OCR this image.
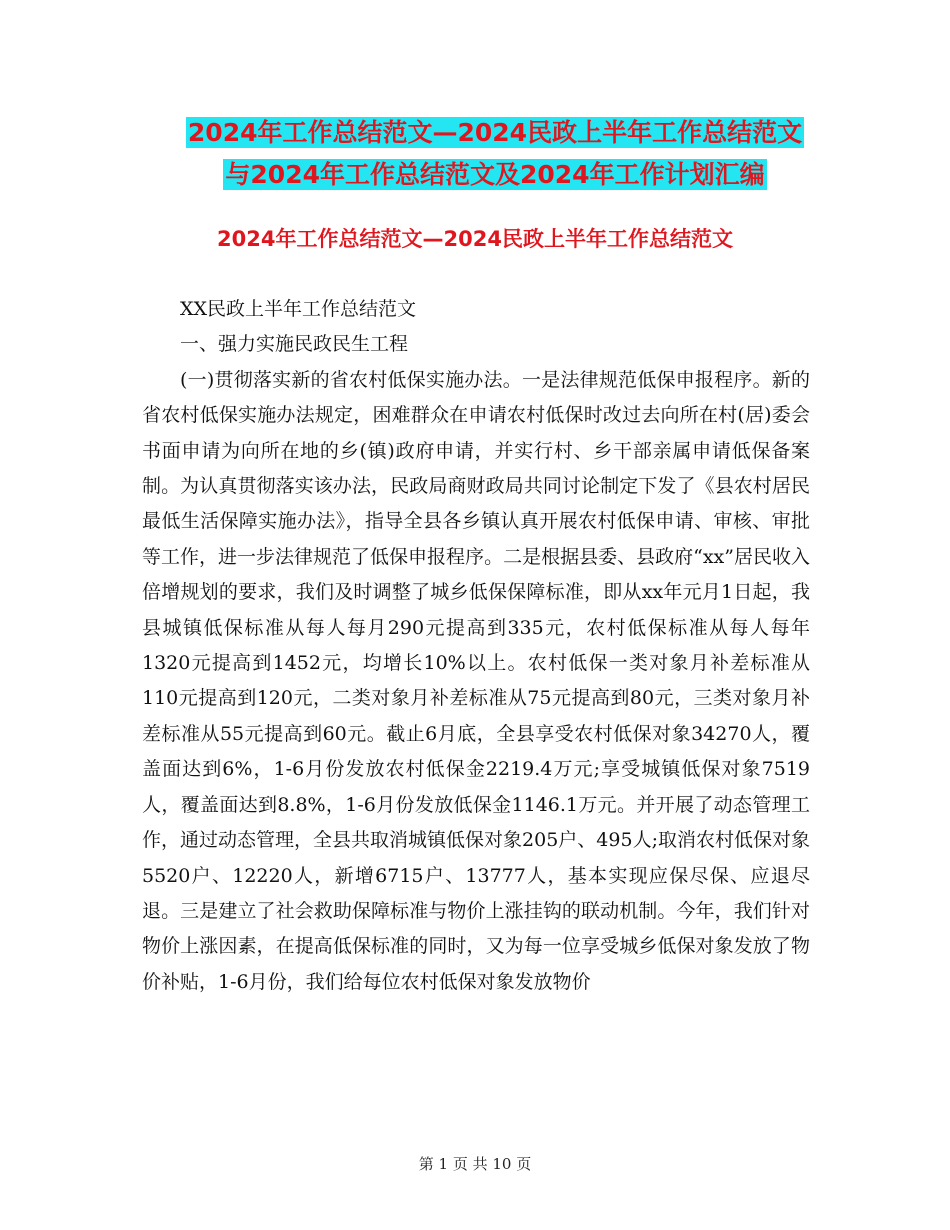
2024年工作总结范文—2024民政上半年工作总结范文
与2024年工作总结范文及2024年工作计划汇编
2024年工作总结范文—2024民政上半年工作总结范文

XX民政上半年工作总结范文

一、强力实施民政民生工程

(一)贯彻落实新的省农村低保实施办法。一是法律规范低保申报程序。新的省农村低保实施办法规定，困难群众在申请农村低保时改过去向所在村(居)委会书面申请为向所在地的乡(镇)政府申请，并实行村、乡干部亲属申请低保备案制。为认真贯彻落实该办法，民政局商财政局共同讨论制定下发了《县农村居民最低生活保障实施办法》，指导全县各乡镇认真开展农村低保申请、审核、审批等工作，进一步法律规范了低保申报程序。二是根据县委、县政府“xx”居民收入倍增规划的要求，我们及时调整了城乡低保保障标准，即从xx年元月1日起，我县城镇低保标准从每人每月290元提高到335元，农村低保标准从每人每年1320元提高到1452元，均增长10%以上。农村低保一类对象月补差标准从110元提高到120元，二类对象月补差标准从75元提高到80元，三类对象月补差标准从55元提高到60元。截止6月底，全县享受农村低保对象34270人，覆盖面达到6%，1-6月份发放农村低保金2219.4万元;享受城镇低保对象7519人，覆盖面达到8.8%，1-6月份发放低保金1146.1万元。并开展了动态管理工作，通过动态管理，全县共取消城镇低保对象205户、495人;取消农村低保对象5520户、12220人，新增6715户、13777人，基本实现应保尽保、应退尽退。三是建立了社会救助保障标准与物价上涨挂钩的联动机制。今年，我们针对物价上涨因素，在提高低保标准的同时，又为每一位享受城乡低保对象发放了物价补贴，1-6月份，我们给每位农村低保对象发放物价

第 1 页 共 10 页
